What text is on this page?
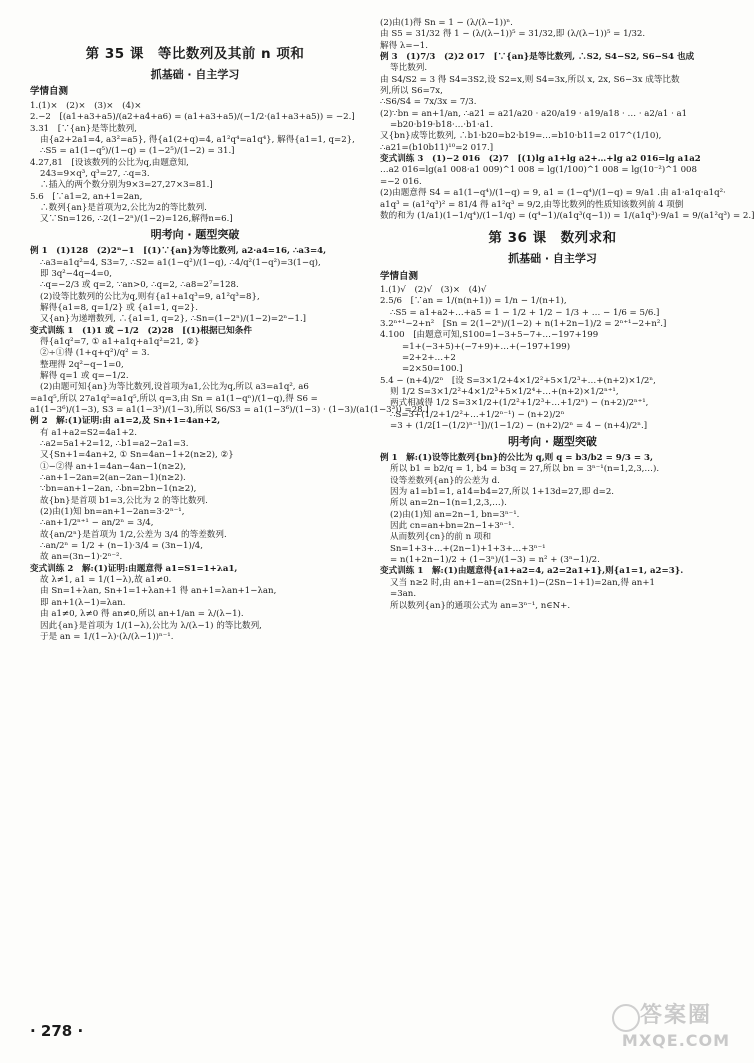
第 35 课　等比数列及其前 n 项和
抓基础 · 自主学习
学情自测
1.(1)×　(2)×　(3)×　(4)×
2.−2　[(a1+a3+a5)/(a2+a4+a6) = (a1+a3+a5)/(−1/2·(a1+a3+a5)) = −2.]
3.31　[∵{an}是等比数列,
由{a2+2a1=4, a3²=a5}, 得{a1(2+q)=4, a1²q⁴=a1q⁴}, 解得{a1=1, q=2},
∴S5 = a1(1−q⁵)/(1−q) = (1−2⁵)/(1−2) = 31.]
4.27,81　[设该数列的公比为q,由题意知,
243=9×q³, q³=27, ∴q=3.
∴插入的两个数分别为9×3=27,27×3=81.]
5.6　[∵a1=2, an+1=2an,
∴数列{an}是首项为2,公比为2的等比数列.
又∵Sn=126, ∴2(1−2ⁿ)/(1−2)=126,解得n=6.]
明考向 · 题型突破
例 1　(1)128　(2)2ⁿ−1　[(1)∵{an}为等比数列, a2·a4=16, ∴a3=4,
∴a3=a1q²=4, S3=7, ∴S2= a1(1−q²)/(1−q), ∴4/q²(1−q²)=3(1−q),
即 3q²−4q−4=0,
∴q=−2/3 或 q=2, ∵an>0, ∴q=2, ∴a8=2⁷=128.
(2)设等比数列的公比为q,则有{a1+a1q³=9, a1²q³=8},
解得{a1=8, q=1/2} 或 {a1=1, q=2}.
又{an}为递增数列, ∴{a1=1, q=2}, ∴Sn=(1−2ⁿ)/(1−2)=2ⁿ−1.]
变式训练 1　(1)1 或 −1/2　(2)28　[(1)根据已知条件
得{a1q²=7, ① a1+a1q+a1q²=21, ②}
②÷①得 (1+q+q²)/q² = 3.
整理得 2q²−q−1=0,
解得 q=1 或 q=−1/2.
(2)由题可知{an}为等比数列,设首项为a1,公比为q,所以 a3=a1q², a6
=a1q⁵,所以 27a1q²=a1q⁵,所以 q=3,由 Sn = a1(1−qⁿ)/(1−q),得 S6 =
a1(1−3⁶)/(1−3), S3 = a1(1−3³)/(1−3),所以 S6/S3 = a1(1−3⁶)/(1−3) · (1−3)/(a1(1−3³)) =28.]
例 2　解:(1)证明:由 a1=2,及 Sn+1=4an+2,
有 a1+a2=S2=4a1+2.
∴a2=5a1+2=12, ∴b1=a2−2a1=3.
又{Sn+1=4an+2, ① Sn=4an−1+2(n≥2), ②}
①−②得 an+1=4an−4an−1(n≥2),
∴an+1−2an=2(an−2an−1)(n≥2).
∵bn=an+1−2an, ∴bn=2bn−1(n≥2),
故{bn}是首项 b1=3,公比为 2 的等比数列.
(2)由(1)知 bn=an+1−2an=3·2ⁿ⁻¹,
∴an+1/2ⁿ⁺¹ − an/2ⁿ = 3/4,
故{an/2ⁿ}是首项为 1/2,公差为 3/4 的等差数列.
∴an/2ⁿ = 1/2 + (n−1)·3/4 = (3n−1)/4,
故 an=(3n−1)·2ⁿ⁻².
变式训练 2　解:(1)证明:由题意得 a1=S1=1+λa1,
故 λ≠1, a1 = 1/(1−λ),故 a1≠0.
由 Sn=1+λan, Sn+1=1+λan+1 得 an+1=λan+1−λan,
即 an+1(λ−1)=λan.
由 a1≠0, λ≠0 得 an≠0,所以 an+1/an = λ/(λ−1).
因此{an}是首项为 1/(1−λ),公比为 λ/(λ−1) 的等比数列,
于是 an = 1/(1−λ)·(λ/(λ−1))ⁿ⁻¹.
(2)由(1)得 Sn = 1 − (λ/(λ−1))ⁿ.
由 S5 = 31/32 得 1 − (λ/(λ−1))⁵ = 31/32,即 (λ/(λ−1))⁵ = 1/32.
解得 λ=−1.
例 3　(1)7/3　(2)2 017　[∵{an}是等比数列, ∴S2, S4−S2, S6−S4 也成
等比数列.
由 S4/S2 = 3 得 S4=3S2,设 S2=x,则 S4=3x,所以 x, 2x, S6−3x 成等比数
列,所以 S6=7x,
∴S6/S4 = 7x/3x = 7/3.
(2)∵bn = an+1/an, ∴a21 = a21/a20 · a20/a19 · a19/a18 · … · a2/a1 · a1
=b20·b19·b18·…·b1·a1.
又{bn}成等比数列, ∴b1·b20=b2·b19=…=b10·b11=2 017^(1/10),
∴a21=(b10b11)¹⁰=2 017.]
变式训练 3　(1)−2 016　(2)7　[(1)lg a1+lg a2+…+lg a2 016=lg a1a2
…a2 016=lg(a1 008·a1 009)^1 008 = lg(1/100)^1 008 = lg(10⁻²)^1 008
=−2 016.
(2)由题意得 S4 = a1(1−q⁴)/(1−q) = 9, a1 = (1−q⁴)/(1−q) = 9/a1 .由 a1·a1q·a1q²·
a1q³ = (a1²q³)² = 81/4 得 a1²q³ = 9/2,由等比数列的性质知该数列前 4 项倒
数的和为 (1/a1)(1−1/q⁴)/(1−1/q) = (q⁴−1)/(a1q³(q−1)) = 1/(a1q³)·9/a1 = 9/(a1²q³) = 2.]
第 36 课　数列求和
抓基础 · 自主学习
学情自测
1.(1)√　(2)√　(3)×　(4)√
2.5/6　[∵an = 1/(n(n+1)) = 1/n − 1/(n+1),
∴S5 = a1+a2+…+a5 = 1 − 1/2 + 1/2 − 1/3 + … − 1/6 = 5/6.]
3.2ⁿ⁺¹−2+n²　[Sn = 2(1−2ⁿ)/(1−2) + n(1+2n−1)/2 = 2ⁿ⁺¹−2+n².]
4.100　[由题意可知,S100=1−3+5−7+…−197+199
=1+(−3+5)+(−7+9)+…+(−197+199)
=2+2+…+2
=2×50=100.]
5.4 − (n+4)/2ⁿ　[设 S=3×1/2+4×1/2²+5×1/2³+…+(n+2)×1/2ⁿ,
则 1/2 S=3×1/2²+4×1/2³+5×1/2⁴+…+(n+2)×1/2ⁿ⁺¹,
两式相减得 1/2 S=3×1/2+(1/2²+1/2³+…+1/2ⁿ) − (n+2)/2ⁿ⁺¹,
∴S=3+(1/2+1/2²+…+1/2ⁿ⁻¹) − (n+2)/2ⁿ
=3 + (1/2[1−(1/2)ⁿ⁻¹])/(1−1/2) − (n+2)/2ⁿ = 4 − (n+4)/2ⁿ.]
明考向 · 题型突破
例 1　解:(1)设等比数列{bn}的公比为 q,则 q = b3/b2 = 9/3 = 3,
所以 b1 = b2/q = 1, b4 = b3q = 27,所以 bn = 3ⁿ⁻¹(n=1,2,3,…).
设等差数列{an}的公差为 d.
因为 a1=b1=1, a14=b4=27,所以 1+13d=27,即 d=2.
所以 an=2n−1(n=1,2,3,…).
(2)由(1)知 an=2n−1, bn=3ⁿ⁻¹.
因此 cn=an+bn=2n−1+3ⁿ⁻¹.
从而数列{cn}的前 n 项和
Sn=1+3+…+(2n−1)+1+3+…+3ⁿ⁻¹
= n(1+2n−1)/2 + (1−3ⁿ)/(1−3) = n² + (3ⁿ−1)/2.
变式训练 1　解:(1)由题意得{a1+a2=4, a2=2a1+1},则{a1=1, a2=3}.
又当 n≥2 时,由 an+1−an=(2Sn+1)−(2Sn−1+1)=2an,得 an+1
=3an.
所以数列{an}的通项公式为 an=3ⁿ⁻¹, n∈N+.
· 278 ·
答案圈
MXQE.COM
